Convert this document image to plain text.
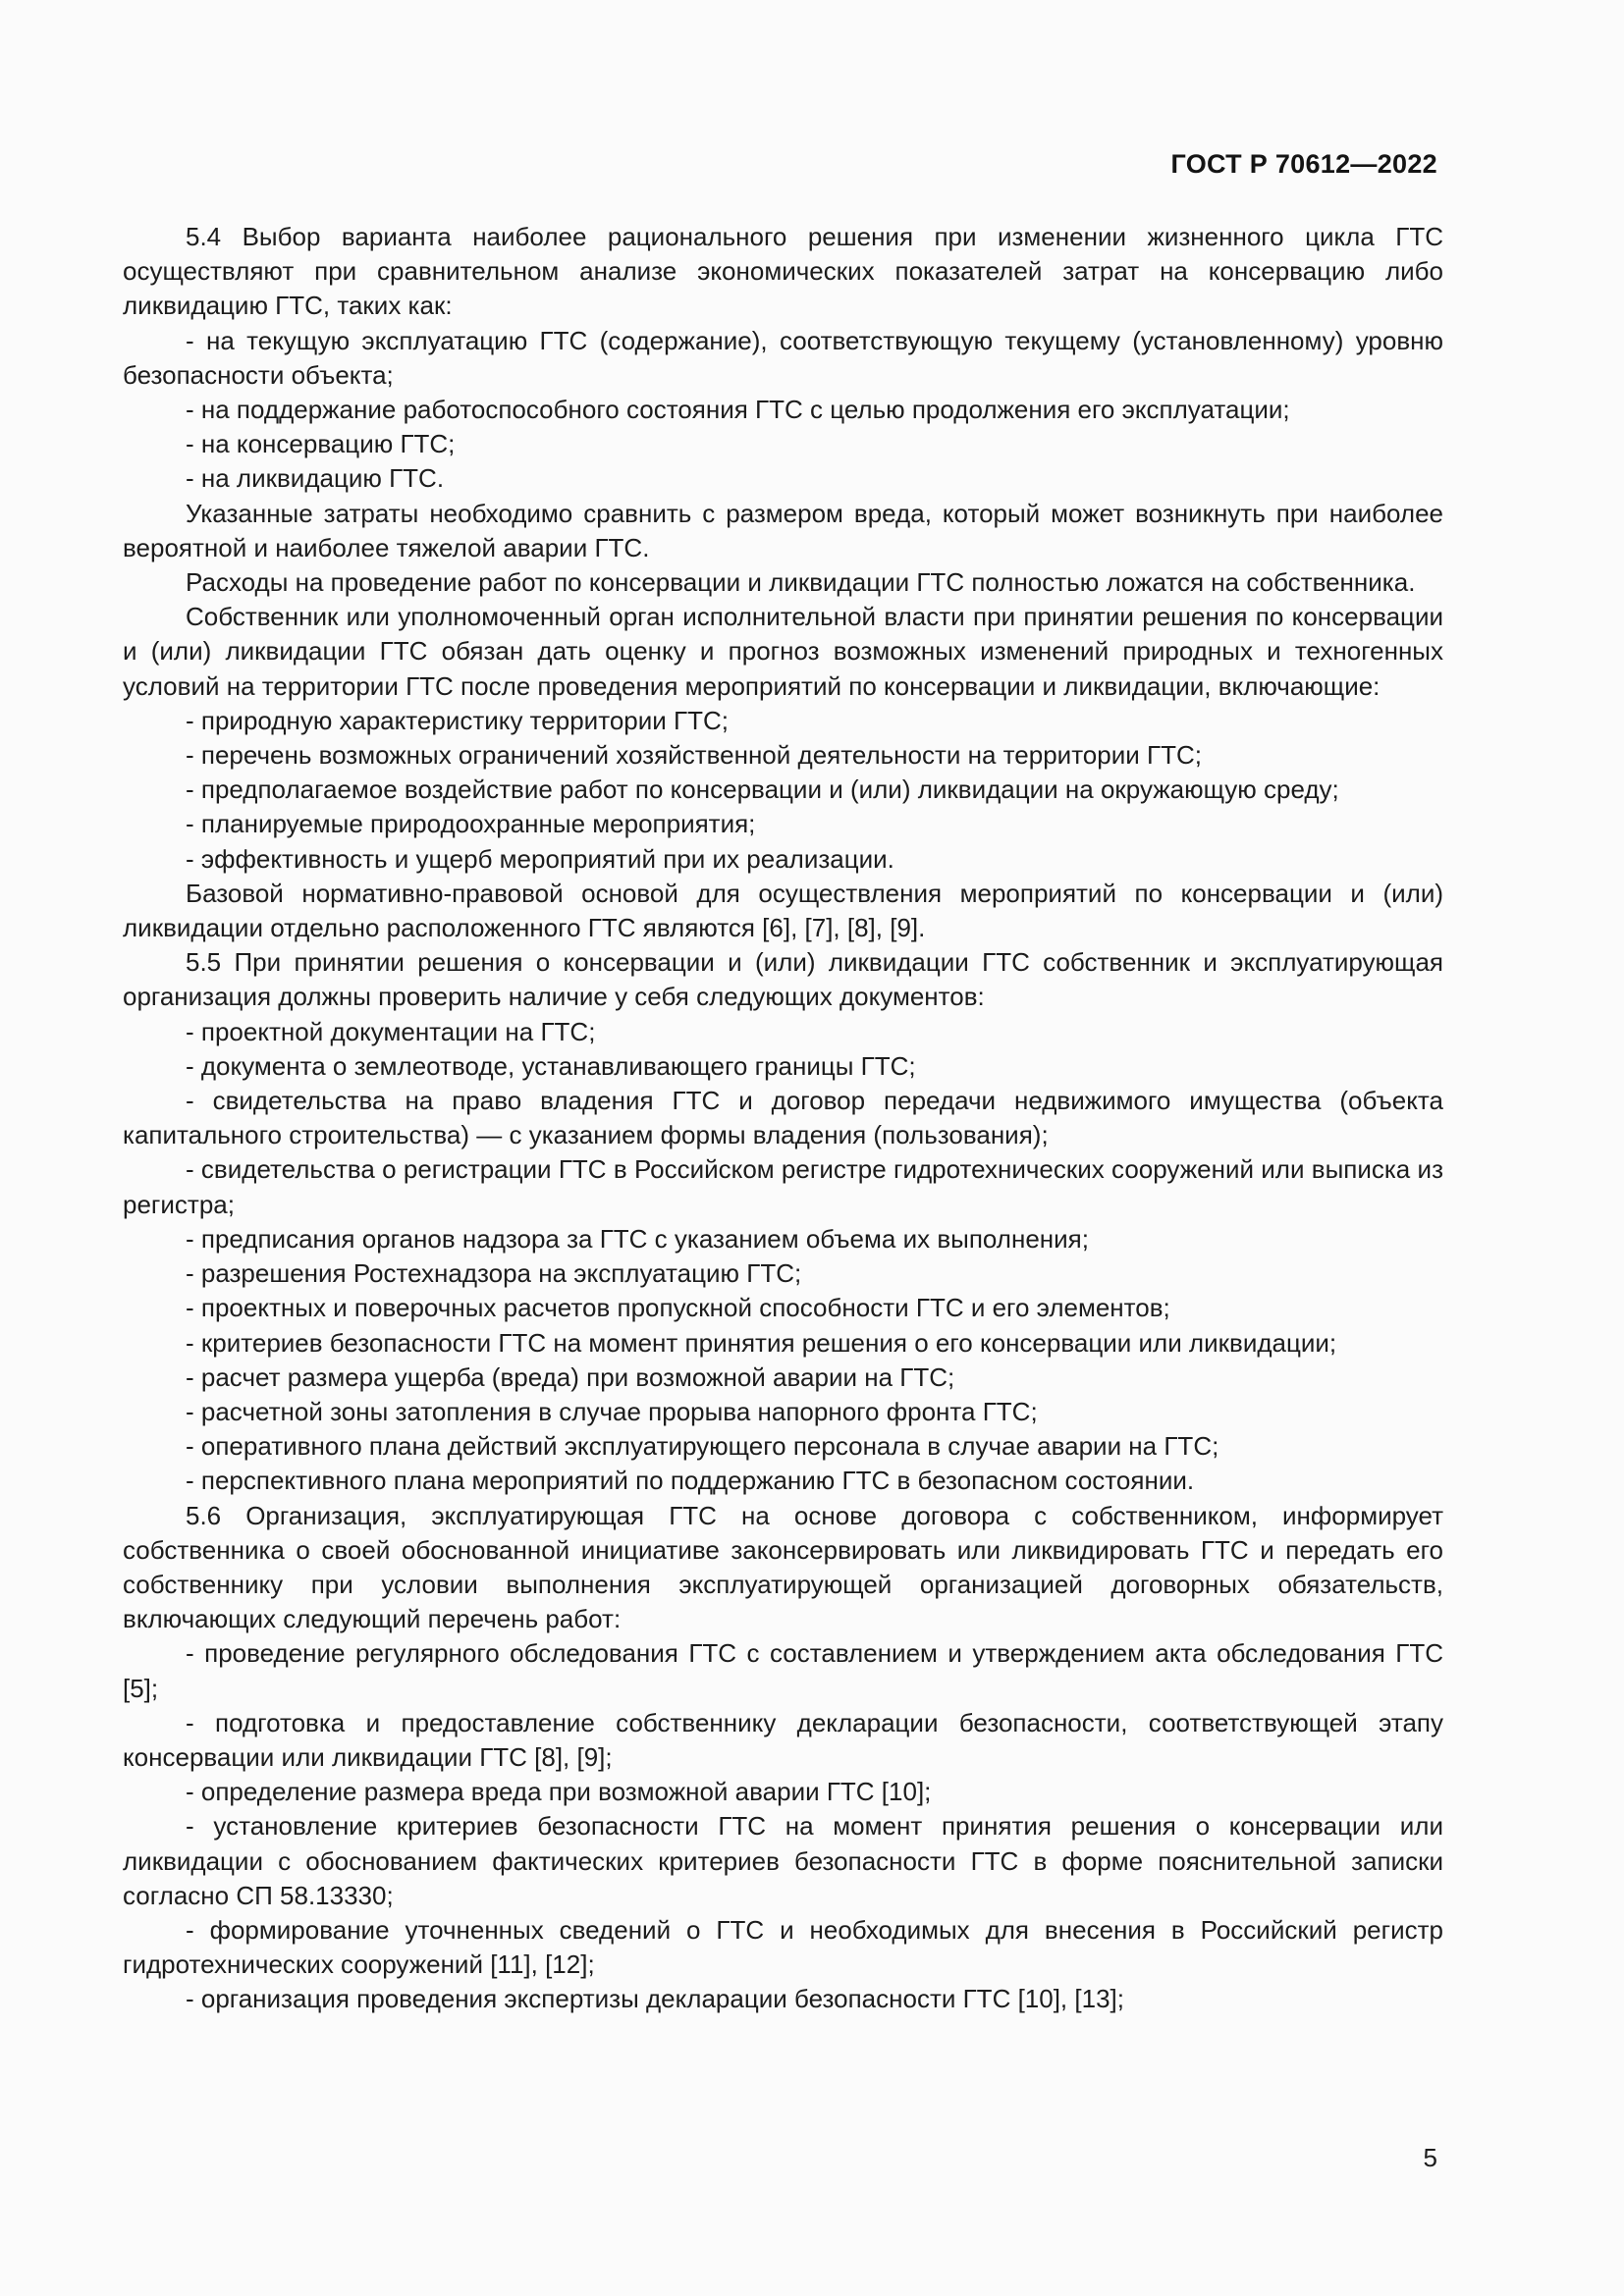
ГОСТ Р 70612—2022

5.4 Выбор варианта наиболее рационального решения при изменении жизненного цикла ГТС осуществляют при сравнительном анализе экономических показателей затрат на консервацию либо ликвидацию ГТС, таких как:

- на текущую эксплуатацию ГТС (содержание), соответствующую текущему (установленному) уровню безопасности объекта;

- на поддержание работоспособного состояния ГТС с целью продолжения его эксплуатации;

- на консервацию ГТС;

- на ликвидацию ГТС.

Указанные затраты необходимо сравнить с размером вреда, который может возникнуть при наиболее вероятной и наиболее тяжелой аварии ГТС.

Расходы на проведение работ по консервации и ликвидации ГТС полностью ложатся на собственника.

Собственник или уполномоченный орган исполнительной власти при принятии решения по консервации и (или) ликвидации ГТС обязан дать оценку и прогноз возможных изменений природных и техногенных условий на территории ГТС после проведения мероприятий по консервации и ликвидации, включающие:

- природную характеристику территории ГТС;

- перечень возможных ограничений хозяйственной деятельности на территории ГТС;

- предполагаемое воздействие работ по консервации и (или) ликвидации на окружающую среду;

- планируемые природоохранные мероприятия;

- эффективность и ущерб мероприятий при их реализации.

Базовой нормативно-правовой основой для осуществления мероприятий по консервации и (или) ликвидации отдельно расположенного ГТС являются [6], [7], [8], [9].

5.5 При принятии решения о консервации и (или) ликвидации ГТС собственник и эксплуатирующая организация должны проверить наличие у себя следующих документов:

- проектной документации на ГТС;

- документа о землеотводе, устанавливающего границы ГТС;

- свидетельства на право владения ГТС и договор передачи недвижимого имущества (объекта капитального строительства) — с указанием формы владения (пользования);

- свидетельства о регистрации ГТС в Российском регистре гидротехнических сооружений или выписка из регистра;

- предписания органов надзора за ГТС с указанием объема их выполнения;

- разрешения Ростехнадзора на эксплуатацию ГТС;

- проектных и поверочных расчетов пропускной способности ГТС и его элементов;

- критериев безопасности ГТС на момент принятия решения о его консервации или ликвидации;

- расчет размера ущерба (вреда) при возможной аварии на ГТС;

- расчетной зоны затопления в случае прорыва напорного фронта ГТС;

- оперативного плана действий эксплуатирующего персонала в случае аварии на ГТС;

- перспективного плана мероприятий по поддержанию ГТС в безопасном состоянии.

5.6 Организация, эксплуатирующая ГТС на основе договора с собственником, информирует собственника о своей обоснованной инициативе законсервировать или ликвидировать ГТС и передать его собственнику при условии выполнения эксплуатирующей организацией договорных обязательств, включающих следующий перечень работ:

- проведение регулярного обследования ГТС с составлением и утверждением акта обследования ГТС [5];

- подготовка и предоставление собственнику декларации безопасности, соответствующей этапу консервации или ликвидации ГТС [8], [9];

- определение размера вреда при возможной аварии ГТС [10];

- установление критериев безопасности ГТС на момент принятия решения о консервации или ликвидации с обоснованием фактических критериев безопасности ГТС в форме пояснительной записки согласно СП 58.13330;

- формирование уточненных сведений о ГТС и необходимых для внесения в Российский регистр гидротехнических сооружений [11], [12];

- организация проведения экспертизы декларации безопасности ГТС [10], [13];

5
